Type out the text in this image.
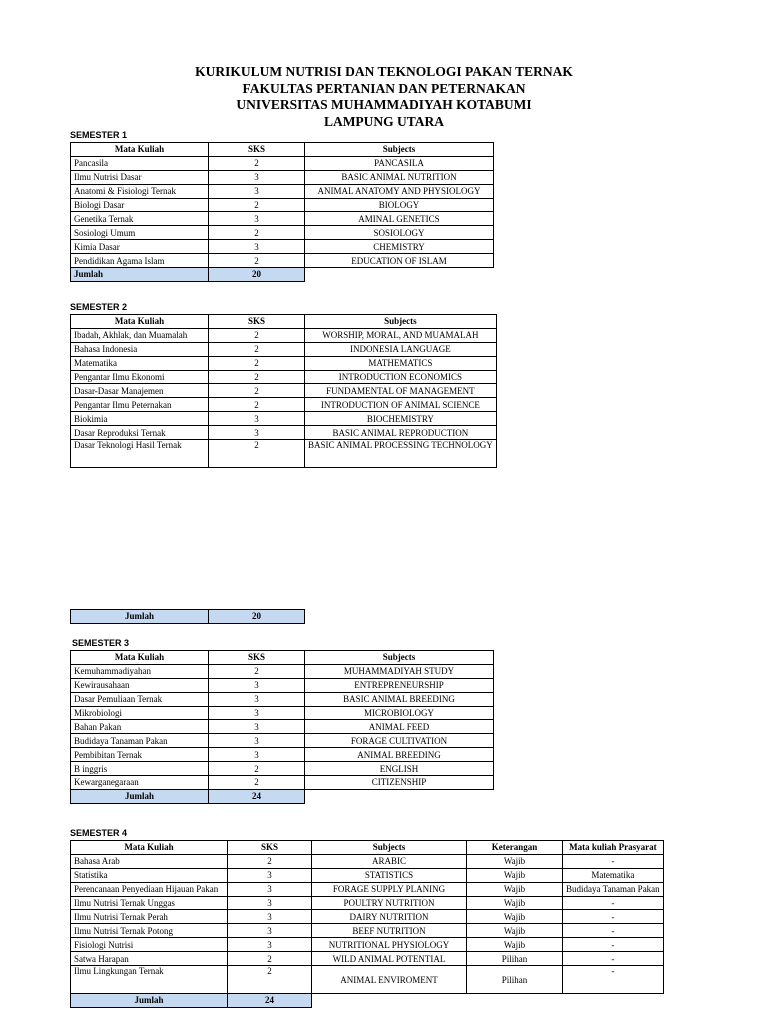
KURIKULUM NUTRISI DAN TEKNOLOGI PAKAN TERNAK
FAKULTAS PERTANIAN DAN PETERNAKAN
UNIVERSITAS MUHAMMADIYAH KOTABUMI
LAMPUNG UTARA
SEMESTER 1
Mata Kuliah	SKS	Subjects
Pancasila	2	PANCASILA
Ilmu Nutrisi Dasar	3	BASIC ANIMAL NUTRITION
Anatomi & Fisiologi Ternak	3	ANIMAL ANATOMY AND PHYSIOLOGY
Biologi Dasar	2	BIOLOGY
Genetika Ternak	3	AMINAL GENETICS
Sosiologi Umum	2	SOSIOLOGY
Kimia Dasar	3	CHEMISTRY
Pendidikan Agama Islam	2	EDUCATION OF ISLAM
Jumlah	20	
SEMESTER 2
Mata Kuliah	SKS	Subjects
Ibadah, Akhlak, dan Muamalah	2	WORSHIP, MORAL, AND MUAMALAH
Bahasa Indonesia	2	INDONESIA LANGUAGE
Matematika	2	MATHEMATICS
Pengantar Ilmu Ekonomi	2	INTRODUCTION ECONOMICS
Dasar-Dasar Manajemen	2	FUNDAMENTAL OF MANAGEMENT
Pengantar Ilmu Peternakan	2	INTRODUCTION OF ANIMAL SCIENCE
Biokimia	3	BIOCHEMISTRY
Dasar Reproduksi Ternak	3	BASIC ANIMAL REPRODUCTION
Dasar Teknologi Hasil Ternak	2	BASIC ANIMAL PROCESSING TECHNOLOGY
Jumlah	20
SEMESTER 3
Mata Kuliah	SKS	Subjects
Kemuhammadiyahan	2	MUHAMMADIYAH STUDY
Kewirausahaan	3	ENTREPRENEURSHIP
Dasar Pemuliaan Ternak	3	BASIC ANIMAL BREEDING
Mikrobiologi	3	MICROBIOLOGY
Bahan Pakan	3	ANIMAL FEED
Budidaya Tanaman Pakan	3	FORAGE CULTIVATION
Pembibitan Ternak	3	ANIMAL BREEDING
B inggris	2	ENGLISH
Kewarganegaraan	2	CITIZENSHIP
Jumlah	24	
SEMESTER 4
Mata Kuliah	SKS	Subjects	Keterangan	Mata kuliah Prasyarat
Bahasa Arab	2	ARABIC	Wajib	-
Statistika	3	STATISTICS	Wajib	Matematika
Perencanaan Penyediaan Hijauan Pakan	3	FORAGE SUPPLY PLANING	Wajib	Budidaya Tanaman Pakan
Ilmu Nutrisi Ternak Unggas	3	POULTRY NUTRITION	Wajib	-
Ilmu Nutrisi Ternak Perah	3	DAIRY NUTRITION	Wajib	-
Ilmu Nutrisi Ternak Potong	3	BEEF NUTRITION	Wajib	-
Fisiologi Nutrisi	3	NUTRITIONAL PHYSIOLOGY	Wajib	-
Satwa Harapan	2	WILD ANIMAL POTENTIAL	Pilihan	-
Ilmu Lingkungan Ternak	2	ANIMAL ENVIROMENT	Pilihan	-
Jumlah	24			
